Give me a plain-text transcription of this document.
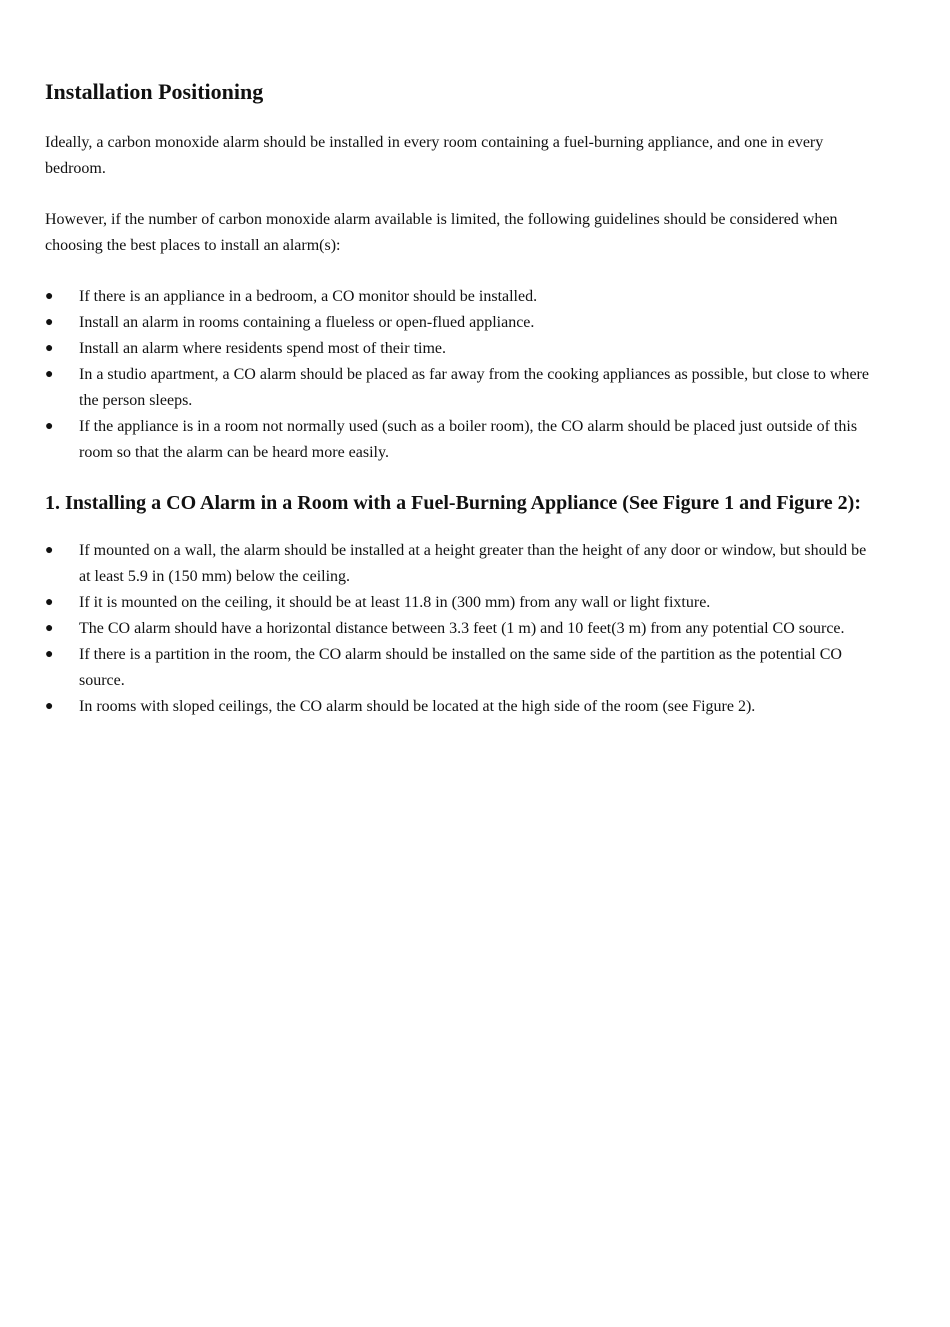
Installation Positioning

Ideally, a carbon monoxide alarm should be installed in every room containing a fuel-burning appliance, and one in every bedroom.

However, if the number of carbon monoxide alarm available is limited, the following guidelines should be considered when choosing the best places to install an alarm(s):

● If there is an appliance in a bedroom, a CO monitor should be installed.
● Install an alarm in rooms containing a flueless or open-flued appliance.
● Install an alarm where residents spend most of their time.
● In a studio apartment, a CO alarm should be placed as far away from the cooking appliances as possible, but close to where the person sleeps.
● If the appliance is in a room not normally used (such as a boiler room), the CO alarm should be placed just outside of this room so that the alarm can be heard more easily.
1. Installing a CO Alarm in a Room with a Fuel-Burning Appliance (See Figure 1 and Figure 2):
● If mounted on a wall, the alarm should be installed at a height greater than the height of any door or window, but should be at least 5.9 in (150 mm) below the ceiling.
● If it is mounted on the ceiling, it should be at least 11.8 in (300 mm) from any wall or light fixture.
● The CO alarm should have a horizontal distance between 3.3 feet (1 m) and 10 feet(3 m) from any potential CO source.
● If there is a partition in the room, the CO alarm should be installed on the same side of the partition as the potential CO source.
● In rooms with sloped ceilings, the CO alarm should be located at the high side of the room (see Figure 2).
